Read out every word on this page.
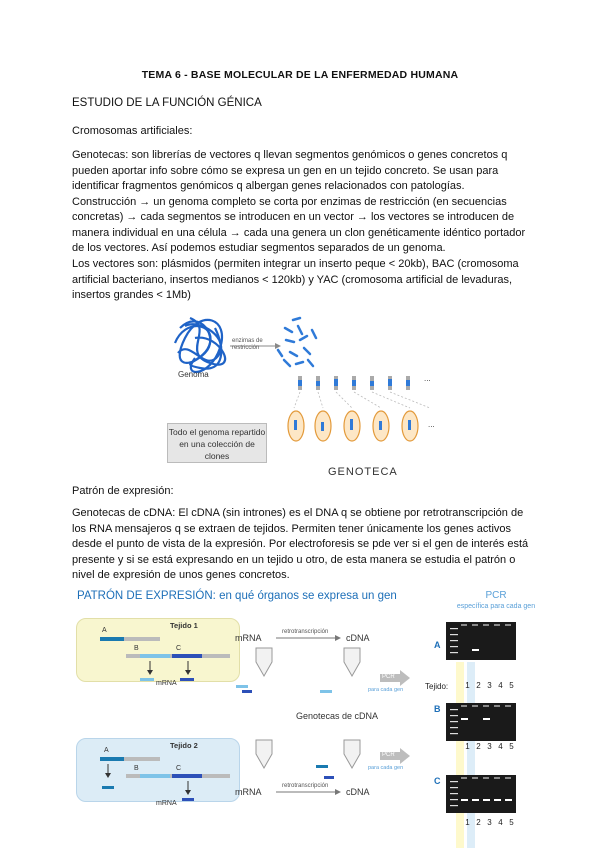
TEMA 6 - BASE MOLECULAR DE LA ENFERMEDAD HUMANA

ESTUDIO DE LA FUNCIÓN GÉNICA

Cromosomas artificiales:

Genotecas: son librerías de vectores q llevan segmentos genómicos o genes concretos q pueden aportar info sobre cómo se expresa un gen en un tejido concreto. Se usan para identificar fragmentos genómicos q albergan genes relacionados con patologías. Construcción → un genoma completo se corta por enzimas de restricción (en secuencias concretas) → cada segmentos se introducen en un vector → los vectores se introducen de manera individual en una célula → cada una genera un clon genéticamente idéntico portador de los vectores. Así podemos estudiar segmentos separados de un genoma.

Los vectores son: plásmidos (permiten integrar un inserto peque < 20kb), BAC (cromosoma artificial bacteriano, insertos medianos < 120kb) y YAC (cromosoma artificial de levaduras, insertos grandes < 1Mb)

Genoma
enzimas de restricción
...
...
Todo el genoma repartido en una colección de clones
GENOTECA

Patrón de expresión:

Genotecas de cDNA: El cDNA (sin intrones) es el DNA q se obtiene por retrotranscripción de los RNA mensajeros q se extraen de tejidos. Permiten tener únicamente los genes activos desde el punto de vista de la expresión. Por electroforesis se pde ver si el gen de interés está presente y si se está expresando en un tejido u otro, de esta manera se estudia el patrón o nivel de expresión de unos genes concretos.

PATRÓN DE EXPRESIÓN: en qué órganos se expresa un gen	PCR
específica para cada gen
Tejido 1
Tejido 2
A
B	C
A
B	C
mRNA
mRNA
mRNA	cDNA
mRNA	cDNA
retrotranscripción
retrotranscripción
PCR
para cada gen
PCR
para cada gen
Genotecas de cDNA
A
Tejido:	1 2 3 4 5
B
1 2 3 4 5
C
1 2 3 4 5
